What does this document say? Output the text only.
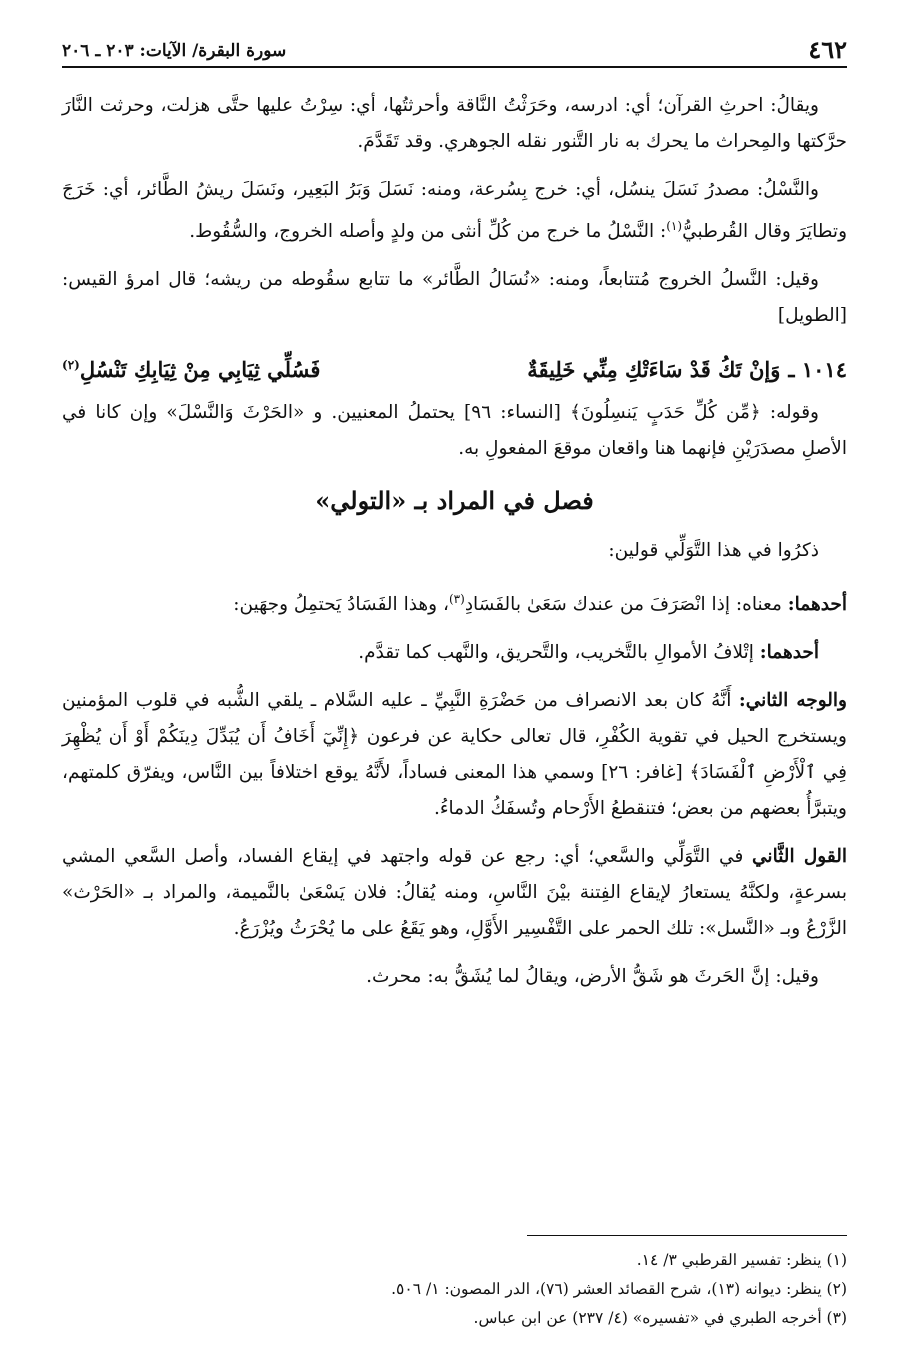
٤٦٢
سورة البقرة/ الآيات: ٢٠٣ ـ ٢٠٦

ويقالُ: احرثِ القرآن؛ أي: ادرسه، وحَرَثْتُ النَّاقة وأحرثتُها، أي: سِرْتُ عليها حتَّى هزلت، وحرثت النَّارَ حرَّكتها والمِحراث ما يحرك به نار التَّنور نقله الجوهري. وقد تَقَدَّمَ.

والنَّسْلُ: مصدرُ نَسَلَ ينسُل، أي: خرج بِسُرعة، ومنه: نَسَلَ وَبَرُ البَعِير، ونَسَلَ ريشُ الطَّائر، أي: خَرَجَ وتطايَرَ وقال القُرطبيُّ$^{(١)}$: النَّسْلُ ما خرج من كُلِّ أنثى من ولدٍ وأصله الخروج، والسُّقُوط.

وقيل: النَّسلُ الخروج مُتتابعاً، ومنه: «نُسَالُ الطَّائر» ما تتابع سقُوطه من ريشه؛ قال امرؤ القيس: [الطويل]

١٠١٤ ـ
وَإنْ تَكُ قَدْ سَاءَتْكِ مِنِّي خَلِيقَةٌ
فَسُلِّي ثِيَابِي مِنْ ثِيَابِكِ تَنْسُلِ$^{(٢)}$

وقوله: ﴿مِّن كُلِّ حَدَبٍ يَنسِلُونَ﴾ [النساء: ٩٦] يحتملُ المعنيين. و «الحَرْثَ وَالنَّسْلَ» وإن كانا في الأصلِ مصدَرَيْنِ فإنهما هنا واقعان موقعَ المفعولِ به.

فصل في المراد بـ «التولي»

ذكرُوا في هذا التَّوَلِّي قولين:

أحدهما: معناه: إذا انْصَرَفَ من عندك سَعَىٰ بالفَسَادِ$^{(٣)}$، وهذا الفَسَادُ يَحتمِلُ وجهَين:

أحدهما: إتْلافُ الأموالِ بالتَّخريب، والتَّحريق، والنَّهب كما تقدَّم.

والوجه الثاني: أَنَّهُ كان بعد الانصراف من حَضْرَةِ النَّبِيِّ ـ عليه السَّلام ـ يلقي الشُّبه في قلوب المؤمنين ويستخرج الحيل في تقوية الكُفْرِ، قال تعالى حكاية عن فرعون ﴿إِنِّيٓ أَخَافُ أَن يُبَدِّلَ دِينَكُمْ أَوْ أَن يُظْهِرَ فِي ٱلْأَرْضِ ٱلْفَسَادَ﴾ [غافر: ٢٦] وسمي هذا المعنى فساداً، لأَنَّهُ يوقع اختلافاً بين النَّاس، ويفرّق كلمتهم، ويتبرَّأُ بعضهم من بعض؛ فتنقطعُ الأَرْحام وتُسفَكُ الدماءُ.

القول الثَّاني في التَّوَلِّي والسَّعي؛ أي: رجع عن قوله واجتهد في إيقاع الفساد، وأصل السَّعي المشي بسرعةٍ، ولكنَّهُ يستعارُ لإيقاع الفِتنة بيْنَ النَّاسِ، ومنه يُقالُ: فلان يَسْعَىٰ بالنَّميمة، والمراد بـ «الحَرْث» الزَّرْعُ وبـ «النَّسل»: تلك الحمر على التَّفْسِير الأَوَّلِ، وهو يَقَعُ على ما يُحْرَثُ ويُزْرَعُ.

وقيل: إنَّ الحَرثَ هو شَقُّ الأرض، ويقالُ لما يُشَقُّ به: محرث.

(١) ينظر: تفسير القرطبي ٣/ ١٤.

(٢) ينظر: ديوانه (١٣)، شرح القصائد العشر (٧٦)، الدر المصون: ١/ ٥٠٦.

(٣) أخرجه الطبري في «تفسيره» (٤/ ٢٣٧) عن ابن عباس.
